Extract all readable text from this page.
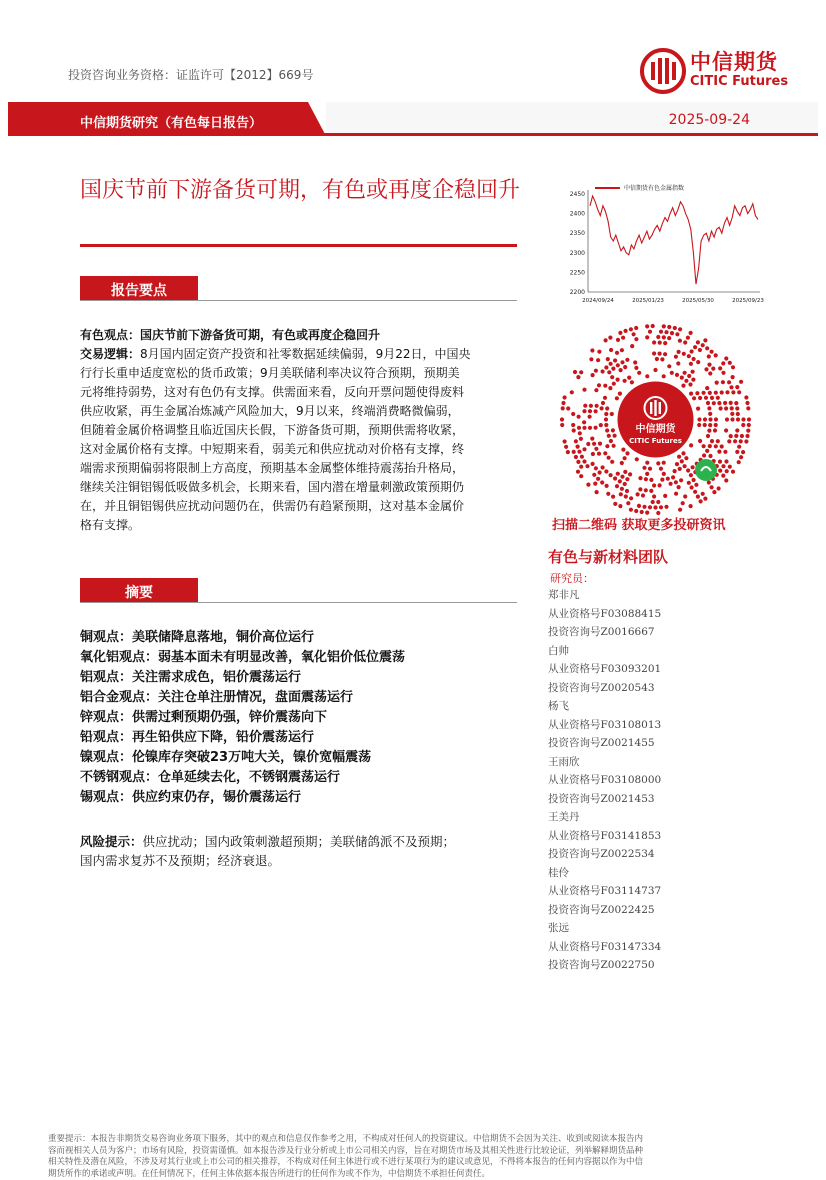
投资咨询业务资格：证监许可【2012】669号
中信期货
CITIC Futures
中信期货研究（有色每日报告）	2025-09-24
国庆节前下游备货可期，有色或再度企稳回升
报告要点
有色观点：国庆节前下游备货可期，有色或再度企稳回升
交易逻辑：8月国内固定资产投资和社零数据延续偏弱，9月22日，中国央
行行长重申适度宽松的货币政策；9月美联储利率决议符合预期，预期美
元将维持弱势，这对有色仍有支撑。供需面来看，反向开票问题使得废料
供应收紧，再生金属冶炼减产风险加大，9月以来，终端消费略微偏弱，
但随着金属价格调整且临近国庆长假，下游备货可期，预期供需将收紧，
这对金属价格有支撑。中短期来看，弱美元和供应扰动对价格有支撑，终
端需求预期偏弱将限制上方高度，预期基本金属整体维持震荡抬升格局，
继续关注铜铝锡低吸做多机会，长期来看，国内潜在增量刺激政策预期仍
在，并且铜铝锡供应扰动问题仍在，供需仍有趋紧预期，这对基本金属价
格有支撑。
摘要
铜观点：美联储降息落地，铜价高位运行
氧化铝观点：弱基本面未有明显改善，氧化铝价低位震荡
铝观点：关注需求成色，铝价震荡运行
铝合金观点：关注仓单注册情况，盘面震荡运行
锌观点：供需过剩预期仍强，锌价震荡向下
铅观点：再生铅供应下降，铅价震荡运行
镍观点：伦镍库存突破23万吨大关，镍价宽幅震荡
不锈钢观点：仓单延续去化，不锈钢震荡运行
锡观点：供应约束仍存，锡价震荡运行
风险提示：供应扰动；国内政策刺激超预期；美联储鸽派不及预期；
国内需求复苏不及预期；经济衰退。
2450
2400
2350
2300
2250
2200
2024/09/24	2025/01/23	2025/05/30	2025/09/23
中信期货有色金属指数
中信期货
CITIC Futures
扫描二维码 获取更多投研资讯
有色与新材料团队
研究员：
郑非凡
从业资格号F03088415
投资咨询号Z0016667
白帅
从业资格号F03093201
投资咨询号Z0020543
杨飞
从业资格号F03108013
投资咨询号Z0021455
王雨欣
从业资格号F03108000
投资咨询号Z0021453
王美丹
从业资格号F03141853
投资咨询号Z0022534
桂伶
从业资格号F03114737
投资咨询号Z0022425
张远
从业资格号F03147334
投资咨询号Z0022750
重要提示：本报告非期货交易咨询业务项下服务，其中的观点和信息仅作参考之用，不构成对任何人的投资建议。中信期货不会因为关注、收到或阅读本报告内
容而视相关人员为客户；市场有风险，投资需谨慎。如本报告涉及行业分析或上市公司相关内容，旨在对期货市场及其相关性进行比较论证，列举解释期货品种
相关特性及潜在风险，不涉及对其行业或上市公司的相关推荐，不构成对任何主体进行或不进行某项行为的建议或意见，不得将本报告的任何内容据以作为中信
期货所作的承诺或声明。在任何情况下，任何主体依据本报告所进行的任何作为或不作为，中信期货不承担任何责任。
